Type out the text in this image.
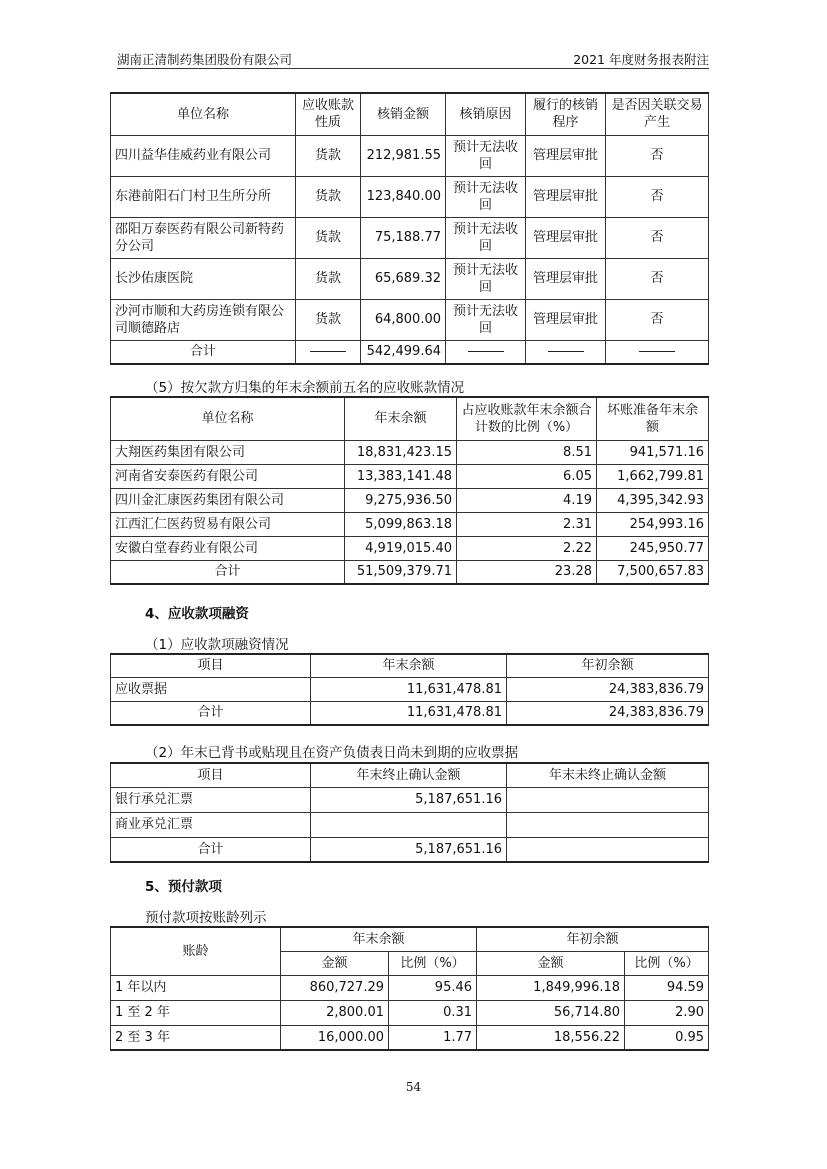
湖南正清制药集团股份有限公司	2021 年度财务报表附注
单位名称	应收账款性质	核销金额	核销原因	履行的核销程序	是否因关联交易产生
四川益华佳威药业有限公司	货款	212,981.55	预计无法收回	管理层审批	否
东港前阳石门村卫生所分所	货款	123,840.00	预计无法收回	管理层审批	否
邵阳万泰医药有限公司新特药分公司	货款	75,188.77	预计无法收回	管理层审批	否
长沙佑康医院	货款	65,689.32	预计无法收回	管理层审批	否
沙河市顺和大药房连锁有限公司顺德路店	货款	64,800.00	预计无法收回	管理层审批	否
合计		542,499.64			
（5）按欠款方归集的年末余额前五名的应收账款情况
单位名称	年末余额	占应收账款年末余额合计数的比例（%）	坏账准备年末余额
大翔医药集团有限公司	18,831,423.15	8.51	941,571.16
河南省安泰医药有限公司	13,383,141.48	6.05	1,662,799.81
四川金汇康医药集团有限公司	9,275,936.50	4.19	4,395,342.93
江西汇仁医药贸易有限公司	5,099,863.18	2.31	254,993.16
安徽白堂春药业有限公司	4,919,015.40	2.22	245,950.77
合计	51,509,379.71	23.28	7,500,657.83
4、应收款项融资
（1）应收款项融资情况
项目	年末余额	年初余额
应收票据	11,631,478.81	24,383,836.79
合计	11,631,478.81	24,383,836.79
（2）年末已背书或贴现且在资产负债表日尚未到期的应收票据
项目	年末终止确认金额	年末未终止确认金额
银行承兑汇票	5,187,651.16	
商业承兑汇票		
合计	5,187,651.16	
5、预付款项
预付款项按账龄列示
账龄	年末余额		年初余额	
	金额	比例（%）	金额	比例（%）
1 年以内	860,727.29	95.46	1,849,996.18	94.59
1 至 2 年	2,800.01	0.31	56,714.80	2.90
2 至 3 年	16,000.00	1.77	18,556.22	0.95
54
